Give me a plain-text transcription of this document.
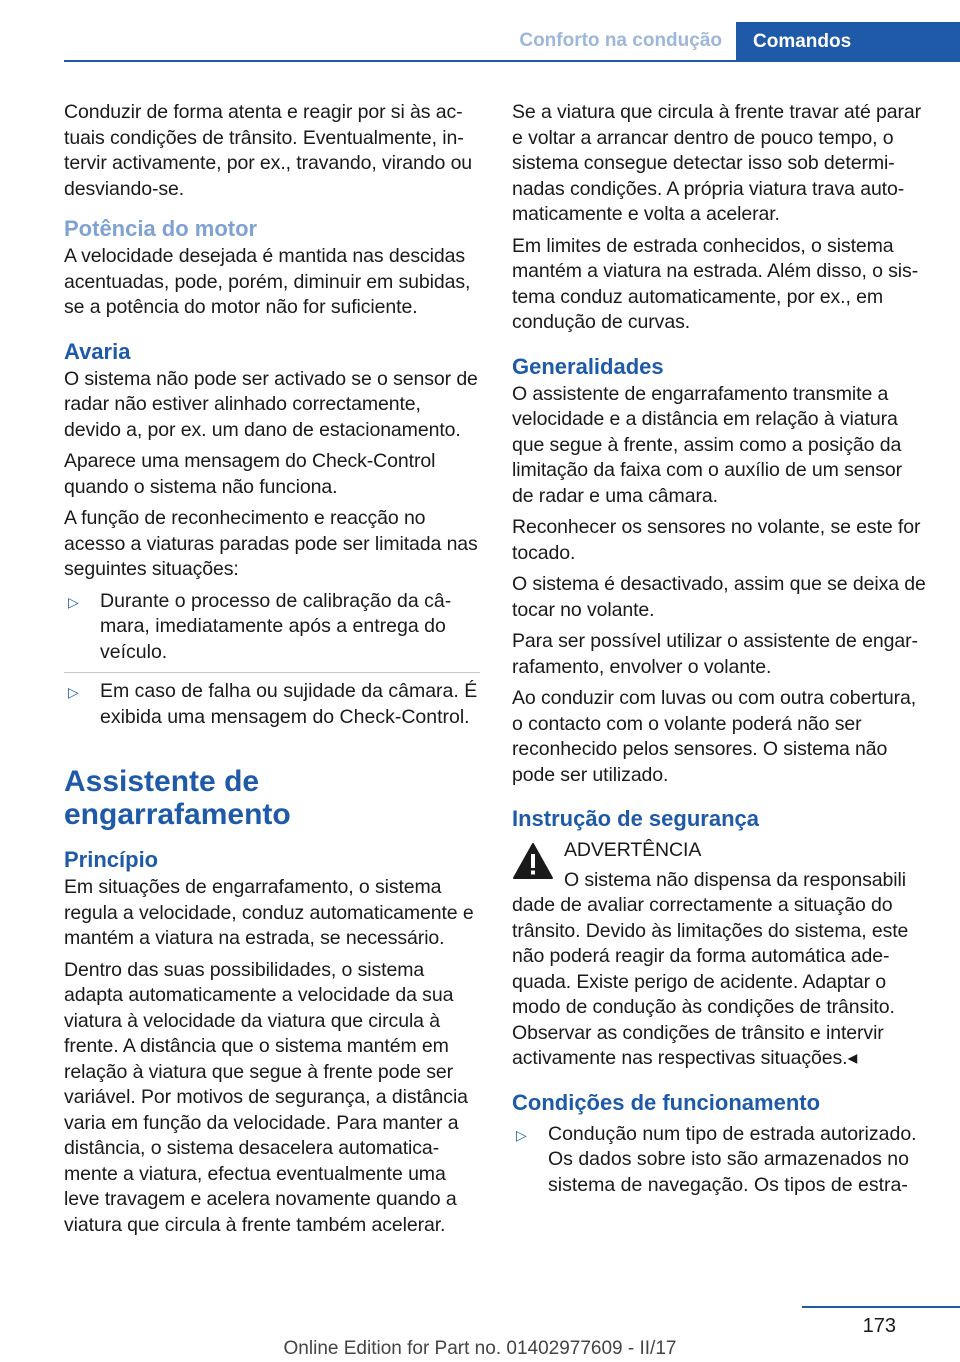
Conforto na condução	Comandos

Conduzir de forma atenta e reagir por si às actuais condições de trânsito. Eventualmente, intervir activamente, por ex., travando, virando ou desviando-se.

Potência do motor

A velocidade desejada é mantida nas descidas acentuadas, pode, porém, diminuir em subidas, se a potência do motor não for suficiente.

Avaria

O sistema não pode ser activado se o sensor de radar não estiver alinhado correctamente, devido a, por ex. um dano de estacionamento.

Aparece uma mensagem do Check-Control quando o sistema não funciona.

A função de reconhecimento e reacção no acesso a viaturas paradas pode ser limitada nas seguintes situações:

▷ Durante o processo de calibração da câmara, imediatamente após a entrega do veículo.
▷ Em caso de falha ou sujidade da câmara. É exibida uma mensagem do Check-Control.
Assistente de engarrafamento
Princípio

Em situações de engarrafamento, o sistema regula a velocidade, conduz automaticamente e mantém a viatura na estrada, se necessário.

Dentro das suas possibilidades, o sistema adapta automaticamente a velocidade da sua viatura à velocidade da viatura que circula à frente. A distância que o sistema mantém em relação à viatura que segue à frente pode ser variável. Por motivos de segurança, a distância varia em função da velocidade. Para manter a distância, o sistema desacelera automaticamente a viatura, efectua eventualmente uma leve travagem e acelera novamente quando a viatura que circula à frente também acelerar.

Se a viatura que circula à frente travar até parar e voltar a arrancar dentro de pouco tempo, o sistema consegue detectar isso sob determinadas condições. A própria viatura trava automaticamente e volta a acelerar.

Em limites de estrada conhecidos, o sistema mantém a viatura na estrada. Além disso, o sistema conduz automaticamente, por ex., em condução de curvas.

Generalidades

O assistente de engarrafamento transmite a velocidade e a distância em relação à viatura que segue à frente, assim como a posição da limitação da faixa com o auxílio de um sensor de radar e uma câmara.

Reconhecer os sensores no volante, se este for tocado.

O sistema é desactivado, assim que se deixa de tocar no volante.

Para ser possível utilizar o assistente de engarrafamento, envolver o volante.

Ao conduzir com luvas ou com outra cobertura, o contacto com o volante poderá não ser reconhecido pelos sensores. O sistema não pode ser utilizado.

Instrução de segurança

ADVERTÊNCIA

O sistema não dispensa da responsabili

dade de avaliar correctamente a situação do trânsito. Devido às limitações do sistema, este não poderá reagir da forma automática adequada. Existe perigo de acidente. Adaptar o modo de condução às condições de trânsito. Observar as condições de trânsito e intervir activamente nas respectivas situações.◂

Condições de funcionamento
▷ Condução num tipo de estrada autorizado. Os dados sobre isto são armazenados no sistema de navegação. Os tipos de estra-
173
Online Edition for Part no. 01402977609 - II/17
